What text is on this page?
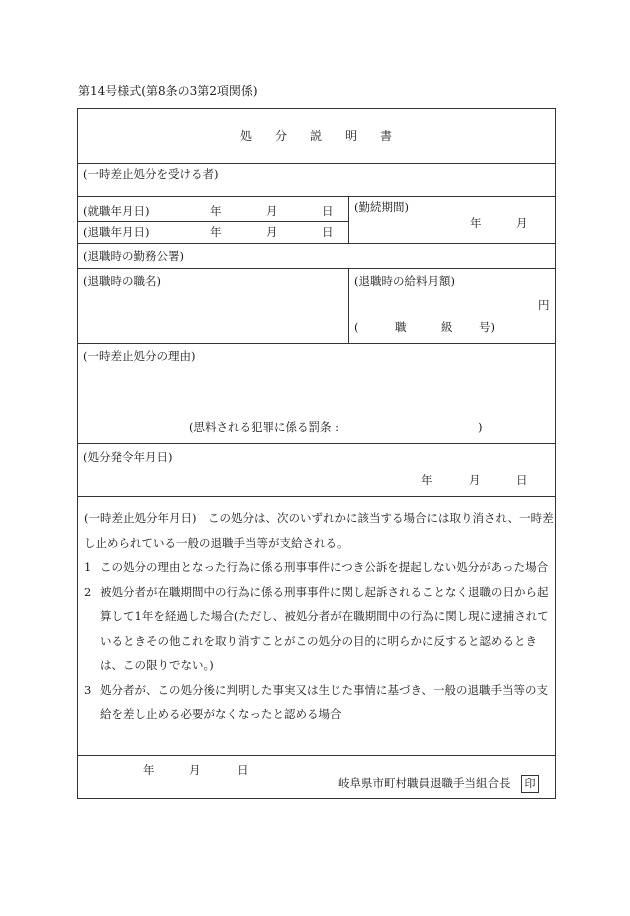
第14号様式(第8条の3第2項関係)
処 分 説 明 書
(一時差止処分を受ける者)
(就職年月日)	年	月	日
(退職年月日)	年	月	日
(勤続期間)
年	月
(退職時の勤務公署)
(退職時の職名)	(退職時の給料月額)
円
(	職	級 号)
(一時差止処分の理由)
(思料される犯罪に係る罰条 :	)
(処分発令年月日)
年	月	日

(一時差止処分年月日)　この処分は、次のいずれかに該当する場合には取り消され、一時差し止められている一般の退職手当等が支給される。

1 この処分の理由となった行為に係る刑事事件につき公訴を提起しない処分があった場合

2 被処分者が在職期間中の行為に係る刑事事件に関し起訴されることなく退職の日から起算して1年を経過した場合(ただし、被処分者が在職期間中の行為に関し現に逮捕されているときその他これを取り消すことがこの処分の目的に明らかに反すると認めるときは、この限りでない。)

3 処分者が、この処分後に判明した事実又は生じた事情に基づき、一般の退職手当等の支給を差し止める必要がなくなったと認める場合

年	月	日
岐阜県市町村職員退職手当組合長	印
